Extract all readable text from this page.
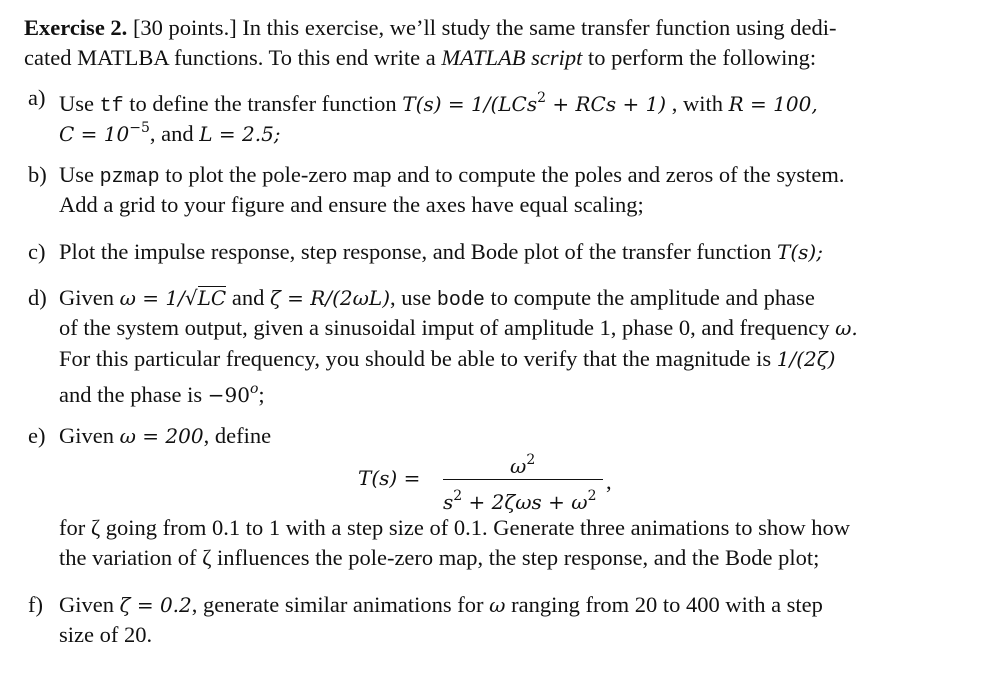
Exercise 2. [30 points.] In this exercise, we’ll study the same transfer function using dedi-
cated MATLBA functions. To this end write a MATLAB script to perform the following:
a) Use tf to define the transfer function T(s) = 1/(LCs$^2$ + RCs + 1) , with R = 100,
$C = 10^{-5}$, and L = 2.5;
b) Use pzmap to plot the pole-zero map and to compute the poles and zeros of the system.
Add a grid to your figure and ensure the axes have equal scaling;
c) Plot the impulse response, step response, and Bode plot of the transfer function T(s);
d) Given ω = 1/√LC and ζ = R/(2ωL), use bode to compute the amplitude and phase
of the system output, given a sinusoidal imput of amplitude 1, phase 0, and frequency ω.
For this particular frequency, you should be able to verify that the magnitude is 1/(2ζ)
and the phase is $-90^o$;
e) Given ω = 200, define
T(s) =	$\omega^2$
$s^2 + 2\zeta\omega s + \omega^2$
,
for ζ going from 0.1 to 1 with a step size of 0.1. Generate three animations to show how
the variation of ζ influences the pole-zero map, the step response, and the Bode plot;
f) Given ζ = 0.2, generate similar animations for ω ranging from 20 to 400 with a step
size of 20.
